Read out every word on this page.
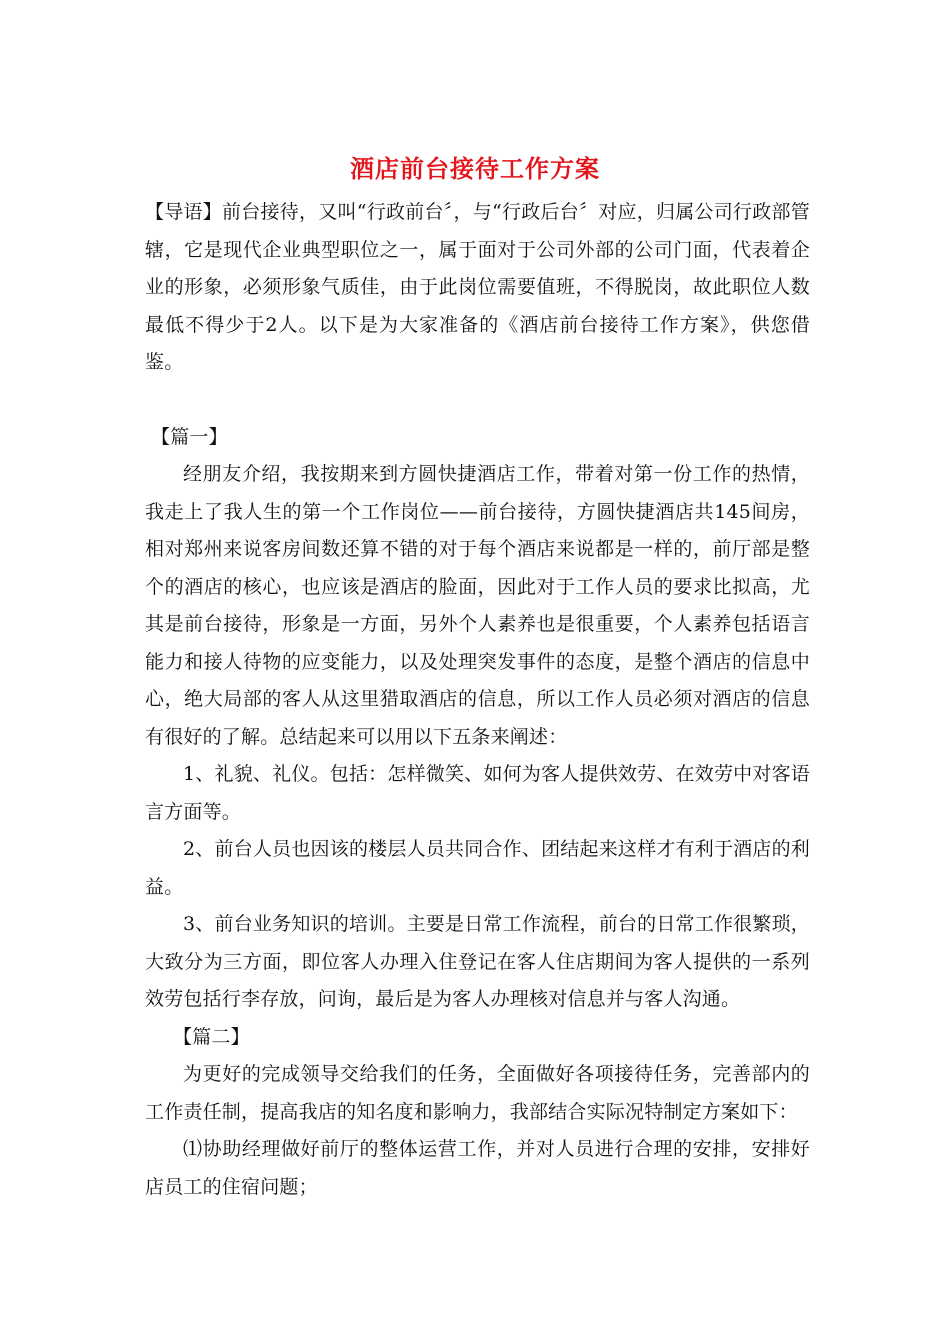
酒店前台接待工作方案

【导语】前台接待，又叫“行政前台〞，与“行政后台〞对应，归属公司行政部管辖，它是现代企业典型职位之一，属于面对于公司外部的公司门面，代表着企业的形象，必须形象气质佳，由于此岗位需要值班，不得脱岗，故此职位人数最低不得少于2人。以下是为大家准备的《酒店前台接待工作方案》，供您借鉴。

【篇一】

经朋友介绍，我按期来到方圆快捷酒店工作，带着对第一份工作的热情，我走上了我人生的第一个工作岗位——前台接待，方圆快捷酒店共145间房，相对郑州来说客房间数还算不错的对于每个酒店来说都是一样的，前厅部是整个的酒店的核心，也应该是酒店的脸面，因此对于工作人员的要求比拟高，尤其是前台接待，形象是一方面，另外个人素养也是很重要，个人素养包括语言能力和接人待物的应变能力，以及处理突发事件的态度，是整个酒店的信息中心，绝大局部的客人从这里猎取酒店的信息，所以工作人员必须对酒店的信息有很好的了解。总结起来可以用以下五条来阐述：

1、礼貌、礼仪。包括：怎样微笑、如何为客人提供效劳、在效劳中对客语言方面等。

2、前台人员也因该的楼层人员共同合作、团结起来这样才有利于酒店的利益。

3、前台业务知识的培训。主要是日常工作流程，前台的日常工作很繁琐，大致分为三方面，即位客人办理入住登记在客人住店期间为客人提供的一系列效劳包括行李存放，问询，最后是为客人办理核对信息并与客人沟通。

【篇二】

为更好的完成领导交给我们的任务，全面做好各项接待任务，完善部内的工作责任制，提高我店的知名度和影响力，我部结合实际况特制定方案如下：

⑴协助经理做好前厅的整体运营工作，并对人员进行合理的安排，安排好店员工的住宿问题；
